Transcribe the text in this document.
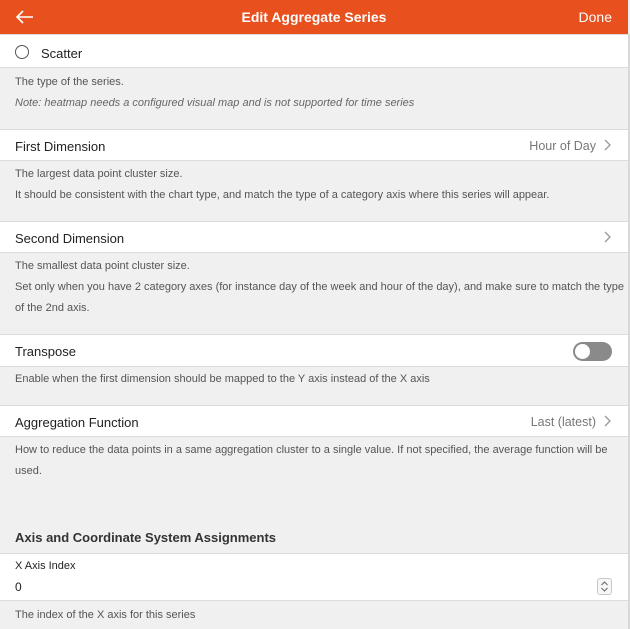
Edit Aggregate Series	Done
Scatter
The type of the series.
Note: heatmap needs a configured visual map and is not supported for time series
First Dimension	Hour of Day
The largest data point cluster size.
It should be consistent with the chart type, and match the type of a category axis where this series will appear.
Second Dimension
The smallest data point cluster size.
Set only when you have 2 category axes (for instance day of the week and hour of the day), and make sure to match the type of the 2nd axis.
Transpose
Enable when the first dimension should be mapped to the Y axis instead of the X axis
Aggregation Function	Last (latest)
How to reduce the data points in a same aggregation cluster to a single value. If not specified, the average function will be used.
Axis and Coordinate System Assignments
X Axis Index
0
The index of the X axis for this series
